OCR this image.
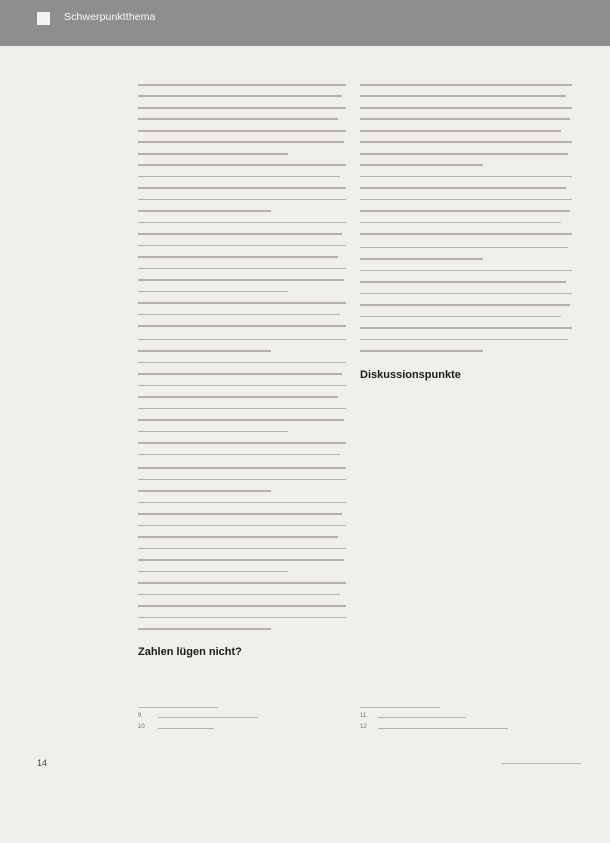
Schwerpunktthema
Zahlen lügen nicht?
Diskussionspunkte
9
10
11
12
14
